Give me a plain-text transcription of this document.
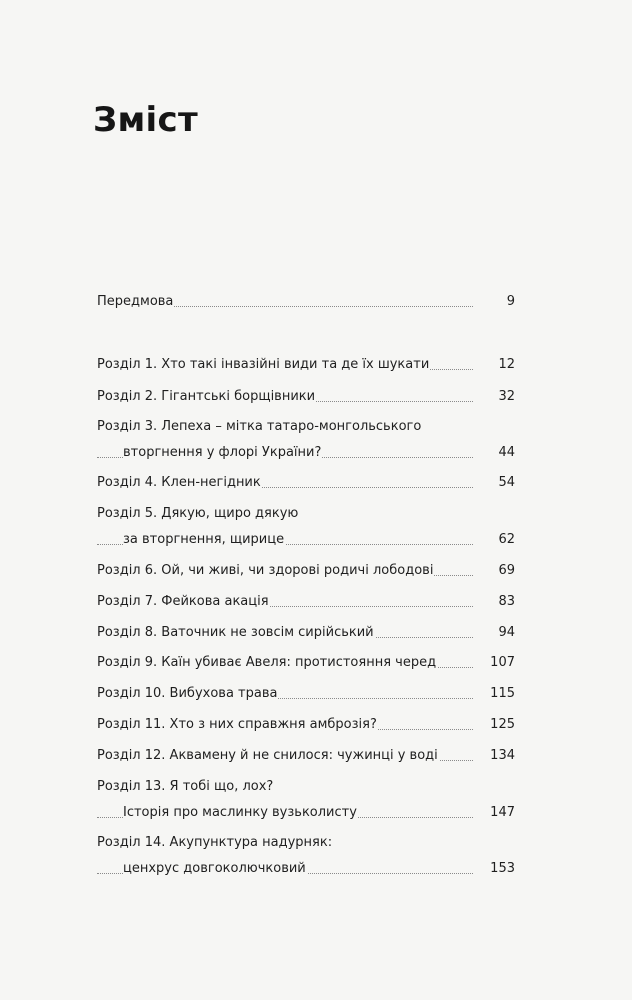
Зміст
Передмова	9
Розділ 1. Хто такі інвазійні види та де їх шукати	12
Розділ 2. Гігантські борщівники	32
Розділ 3. Лепеха – мітка татаро-монгольського
вторгнення у флорі України?	44
Розділ 4. Клен-негідник	54
Розділ 5. Дякую, щиро дякую
за вторгнення, щирице	62
Розділ 6. Ой, чи живі, чи здорові родичі лободові	69
Розділ 7. Фейкова акація	83
Розділ 8. Ваточник не зовсім сирійський	94
Розділ 9. Каїн убиває Авеля: протистояння черед	107
Розділ 10. Вибухова трава	115
Розділ 11. Хто з них справжня амброзія?	125
Розділ 12. Аквамену й не снилося: чужинці у воді	134
Розділ 13. Я тобі що, лох?
Історія про маслинку вузьколисту	147
Розділ 14. Акупунктура надурняк:
ценхрус довгоколючковий	153
